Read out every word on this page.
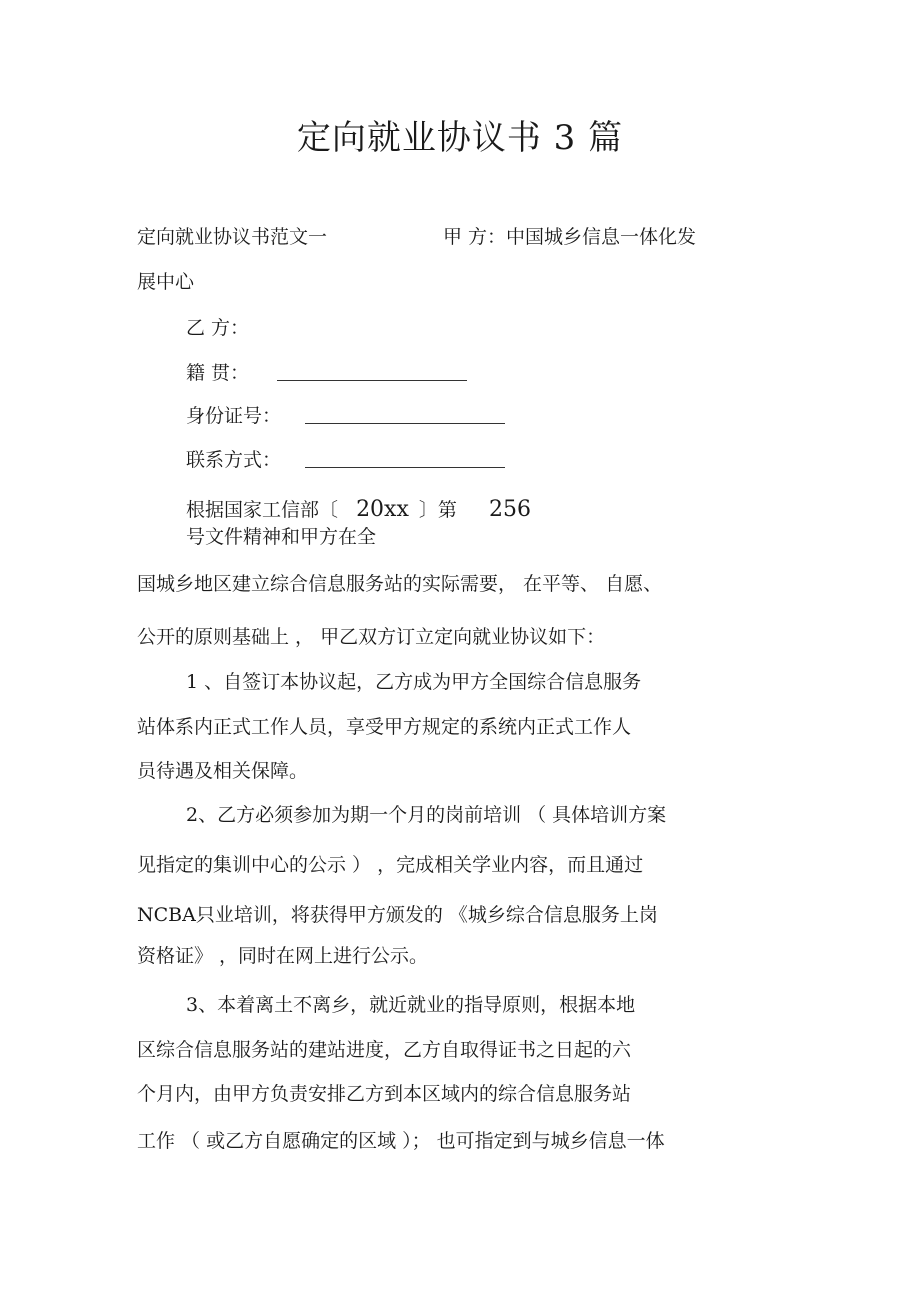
定向就业协议书 3 篇
定向就业协议书范文一	甲 方：中国城乡信息一体化发
展中心
乙 方：
籍 贯：
身份证号：
联系方式：
根据国家工信部〔 20xx 〕第 256
号文件精神和甲方在全
国城乡地区建立综合信息服务站的实际需要， 在平等、 自愿、
公开的原则基础上 ， 甲乙双方订立定向就业协议如下：
1 、自签订本协议起，乙方成为甲方全国综合信息服务
站体系内正式工作人员，享受甲方规定的系统内正式工作人
员待遇及相关保障。
2、乙方必须参加为期一个月的岗前培训 （ 具体培训方案
见指定的集训中心的公示 ） ，完成相关学业内容，而且通过
NCBA只业培训，将获得甲方颁发的 《城乡综合信息服务上岗
资格证》 ，同时在网上进行公示。
3、本着离土不离乡，就近就业的指导原则，根据本地
区综合信息服务站的建站进度，乙方自取得证书之日起的六
个月内，由甲方负责安排乙方到本区域内的综合信息服务站
工作 （ 或乙方自愿确定的区域 ）； 也可指定到与城乡信息一体
